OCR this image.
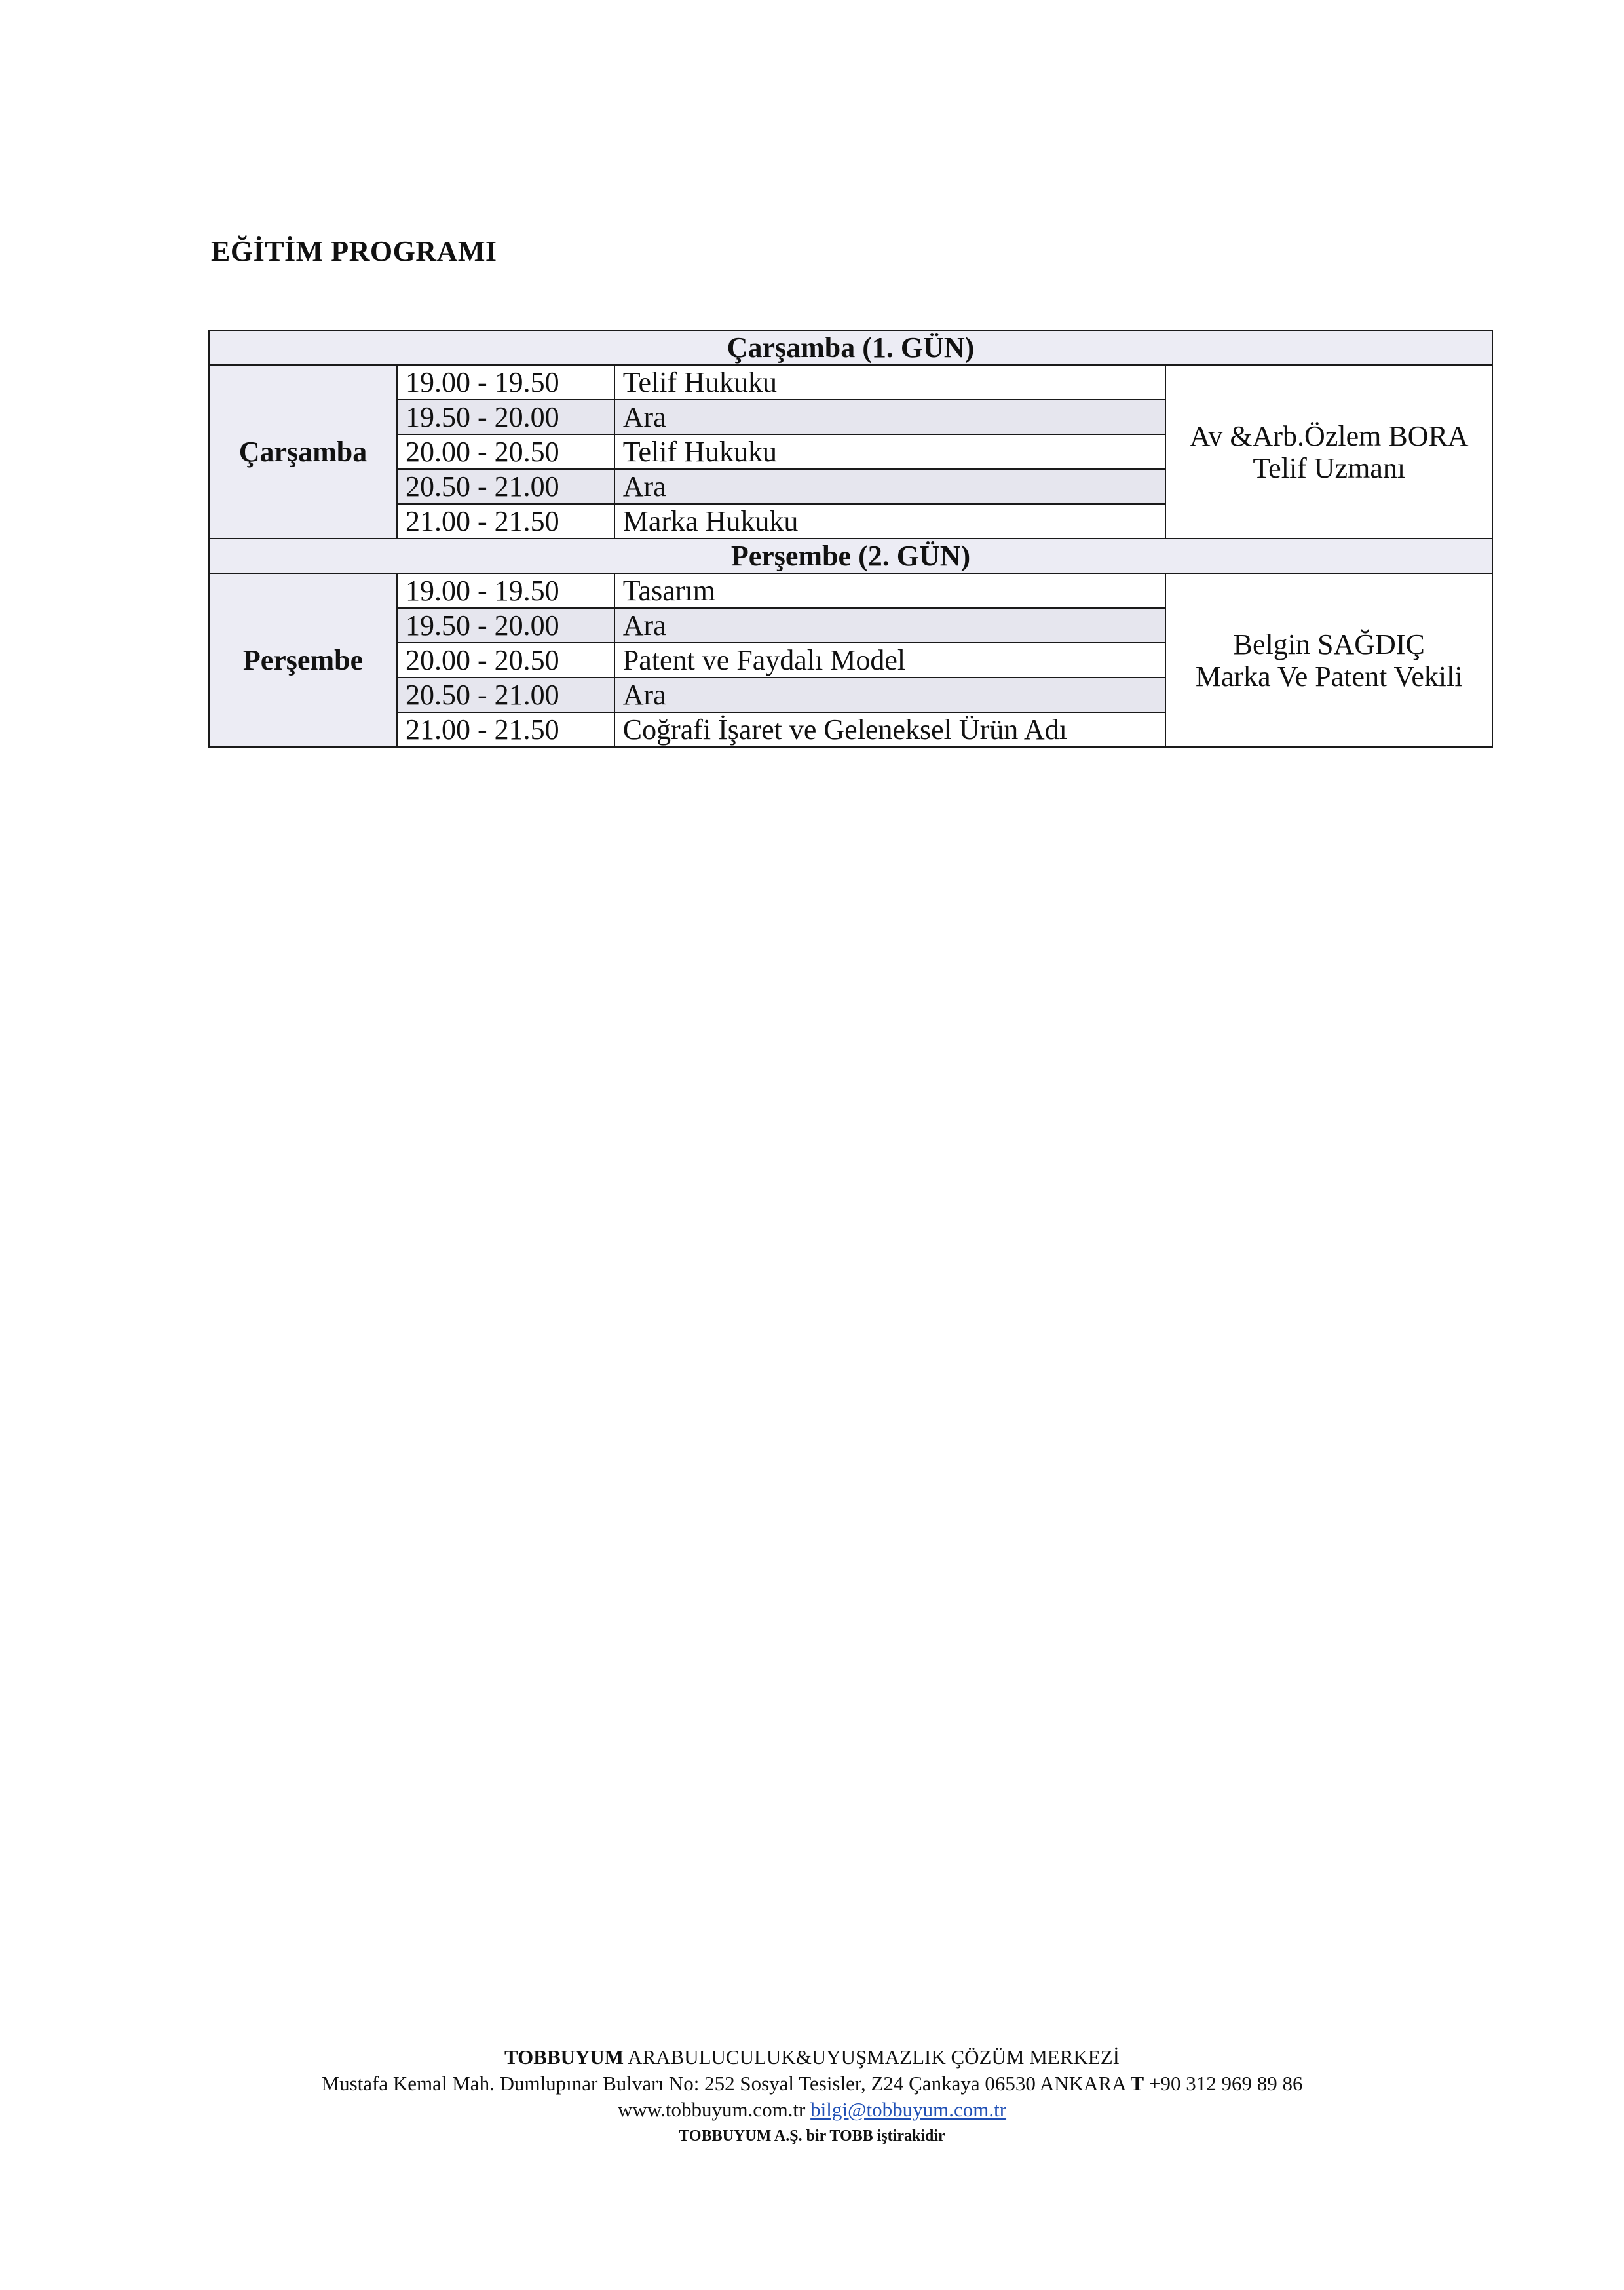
EĞİTİM PROGRAMI
Çarşamba (1. GÜN)			
Çarşamba	19.00 - 19.50	Telif Hukuku	Av &Arb.Özlem BORA
Telif Uzmanı

	19.50 - 20.00	Ara	
	20.00 - 20.50	Telif Hukuku	
	20.50 - 21.00	Ara	
	21.00 - 21.50	Marka Hukuku	
Perşembe (2. GÜN)			
Perşembe	19.00 - 19.50	Tasarım	Belgin SAĞDIÇ
Marka Ve Patent Vekili

	19.50 - 20.00	Ara	
	20.00 - 20.50	Patent ve Faydalı Model	
	20.50 - 21.00	Ara	
	21.00 - 21.50	Coğrafi İşaret ve Geleneksel Ürün Adı	
TOBBUYUM ARABULUCULUK&UYUŞMAZLIK ÇÖZÜM MERKEZİ
Mustafa Kemal Mah. Dumlupınar Bulvarı No: 252 Sosyal Tesisler, Z24 Çankaya 06530 ANKARA T +90 312 969 89 86
www.tobbuyum.com.tr bilgi@tobbuyum.com.tr
TOBBUYUM A.Ş. bir TOBB iştirakidir
